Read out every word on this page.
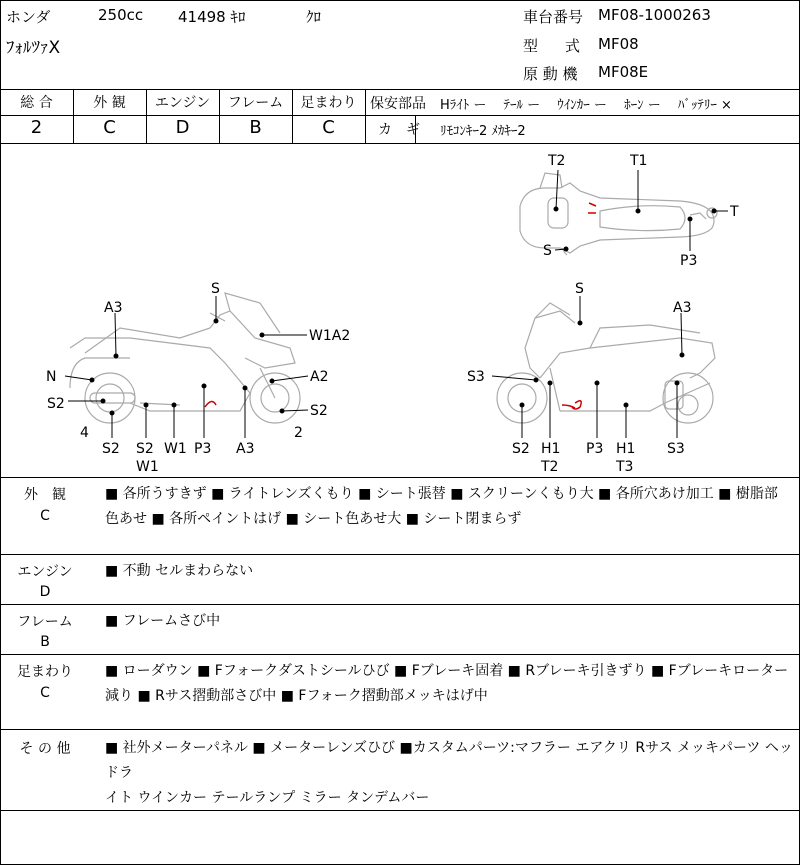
ホンダ	250cc 41498 ｷﾛ	ｸﾛ
ﾌｫﾙﾂｧX
車台番号 MF08-1000263
型　式 MF08
原 動 機 MF08E
総 合	外 観	エンジン	フレーム	足まわり
2	C	D	B	C
保安部品 Hﾗｲﾄ ー　 ﾃｰﾙ ー　 ｳｲﾝｶｰ ー　 ﾎｰﾝ ー　 ﾊﾞｯﾃﾘｰ ×
カ　ギ ﾘﾓｺﾝｷｰ2 ﾒｶｷｰ2
T2	T1
T
S
P3
S
A3
W1A2
N	A2
S2	S2
4	2
S2 S2 W1 P3 A3
W1
S
A3
S3
S2 H1 P3 H1 S3
T2	T3
外　観
C
■ 各所うすきず ■ ライトレンズくもり ■ シート張替 ■ スクリーンくもり大 ■ 各所穴あけ加工 ■ 樹脂部
色あせ ■ 各所ペイントはげ ■ シート色あせ大 ■ シート閉まらず
エンジン
D
■ 不動 セルまわらない
フレーム
B
■ フレームさび中
足まわり
C
■ ローダウン ■ Fフォークダストシールひび ■ Fブレーキ固着 ■ Rブレーキ引きずり ■ Fブレーキローター
減り ■ Rサス摺動部さび中 ■ Fフォーク摺動部メッキはげ中
そ の 他	■ 社外メーターパネル ■ メーターレンズひび ■カスタムパーツ:マフラー エアクリ Rサス メッキパーツ ヘッドラ
イト ウインカー テールランプ ミラー タンデムバー
